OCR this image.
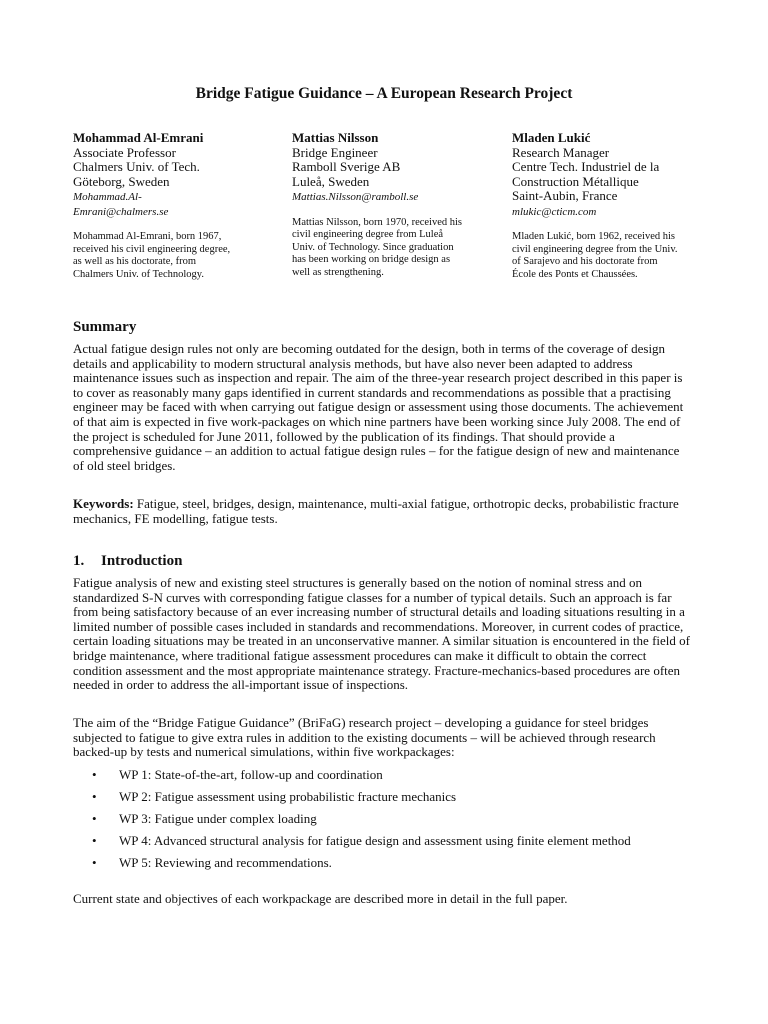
Bridge Fatigue Guidance – A European Research Project
Mohammad Al-Emrani
Associate Professor
Chalmers Univ. of Tech.
Göteborg, Sweden
Mohammad.Al-Emrani@chalmers.se
Mohammad Al-Emrani, born 1967, received his civil engineering degree, as well as his doctorate, from Chalmers Univ. of Technology.
Mattias Nilsson
Bridge Engineer
Ramboll Sverige AB
Luleå, Sweden
Mattias.Nilsson@ramboll.se
Mattias Nilsson, born 1970, received his civil engineering degree from Luleå Univ. of Technology. Since graduation has been working on bridge design as well as strengthening.
Mladen Lukić
Research Manager
Centre Tech. Industriel de la Construction Métallique
Saint-Aubin, France
mlukic@cticm.com
Mladen Lukić, born 1962, received his civil engineering degree from the Univ. of Sarajevo and his doctorate from École des Ponts et Chaussées.
Summary

Actual fatigue design rules not only are becoming outdated for the design, both in terms of the coverage of design details and applicability to modern structural analysis methods, but have also never been adapted to address maintenance issues such as inspection and repair. The aim of the three-year research project described in this paper is to cover as reasonably many gaps identified in current standards and recommendations as possible that a practising engineer may be faced with when carrying out fatigue design or assessment using those documents. The achievement of that aim is expected in five work-packages on which nine partners have been working since July 2008. The end of the project is scheduled for June 2011, followed by the publication of its findings. That should provide a comprehensive guidance – an addition to actual fatigue design rules – for the fatigue design of new and maintenance of old steel bridges.

Keywords: Fatigue, steel, bridges, design, maintenance, multi-axial fatigue, orthotropic decks, probabilistic fracture mechanics, FE modelling, fatigue tests.

1. Introduction

Fatigue analysis of new and existing steel structures is generally based on the notion of nominal stress and on standardized S-N curves with corresponding fatigue classes for a number of typical details. Such an approach is far from being satisfactory because of an ever increasing number of structural details and loading situations resulting in a limited number of possible cases included in standards and recommendations. Moreover, in current codes of practice, certain loading situations may be treated in an unconservative manner. A similar situation is encountered in the field of bridge maintenance, where traditional fatigue assessment procedures can make it difficult to obtain the correct condition assessment and the most appropriate maintenance strategy. Fracture-mechanics-based procedures are often needed in order to address the all-important issue of inspections.

The aim of the “Bridge Fatigue Guidance” (BriFaG) research project – developing a guidance for steel bridges subjected to fatigue to give extra rules in addition to the existing documents – will be achieved through research backed-up by tests and numerical simulations, within five workpackages:

• WP 1: State-of-the-art, follow-up and coordination
• WP 2: Fatigue assessment using probabilistic fracture mechanics
• WP 3: Fatigue under complex loading
• WP 4: Advanced structural analysis for fatigue design and assessment using finite element method
• WP 5: Reviewing and recommendations.

Current state and objectives of each workpackage are described more in detail in the full paper.
